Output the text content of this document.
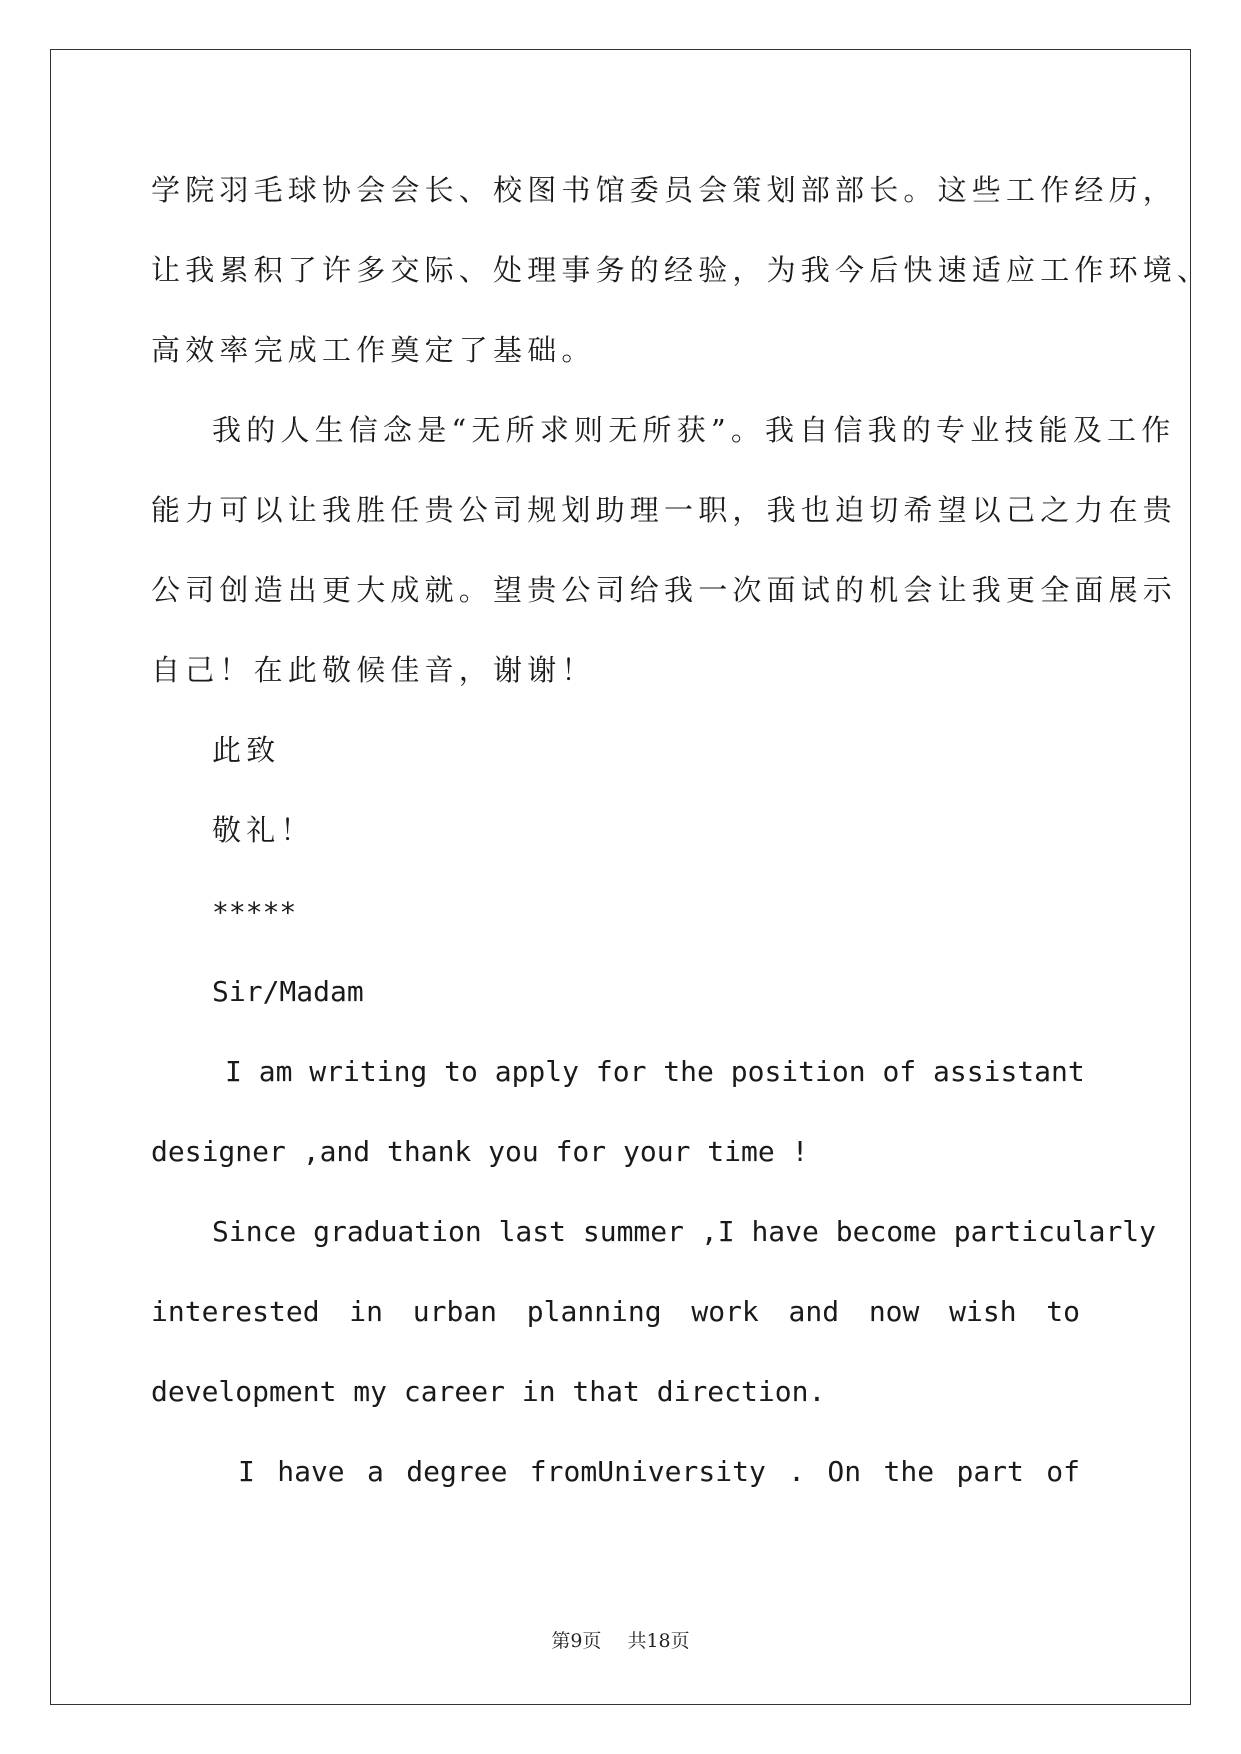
学院羽毛球协会会长、校图书馆委员会策划部部长。这些工作经历，

让我累积了许多交际、处理事务的经验，为我今后快速适应工作环境、

高效率完成工作奠定了基础。

我的人生信念是“无所求则无所获”。我自信我的专业技能及工作

能力可以让我胜任贵公司规划助理一职，我也迫切希望以己之力在贵

公司创造出更大成就。望贵公司给我一次面试的机会让我更全面展示

自己！在此敬候佳音，谢谢！

此致

敬礼！

*****

Sir/Madam

I am writing to apply for the position of assistant

designer ,and thank you for your time !

Since graduation last summer ,I have become particularly

interested in urban planning work and now wish to

development my career in that direction.

I have a degree fromUniversity . On the part of

第9页 共18页
